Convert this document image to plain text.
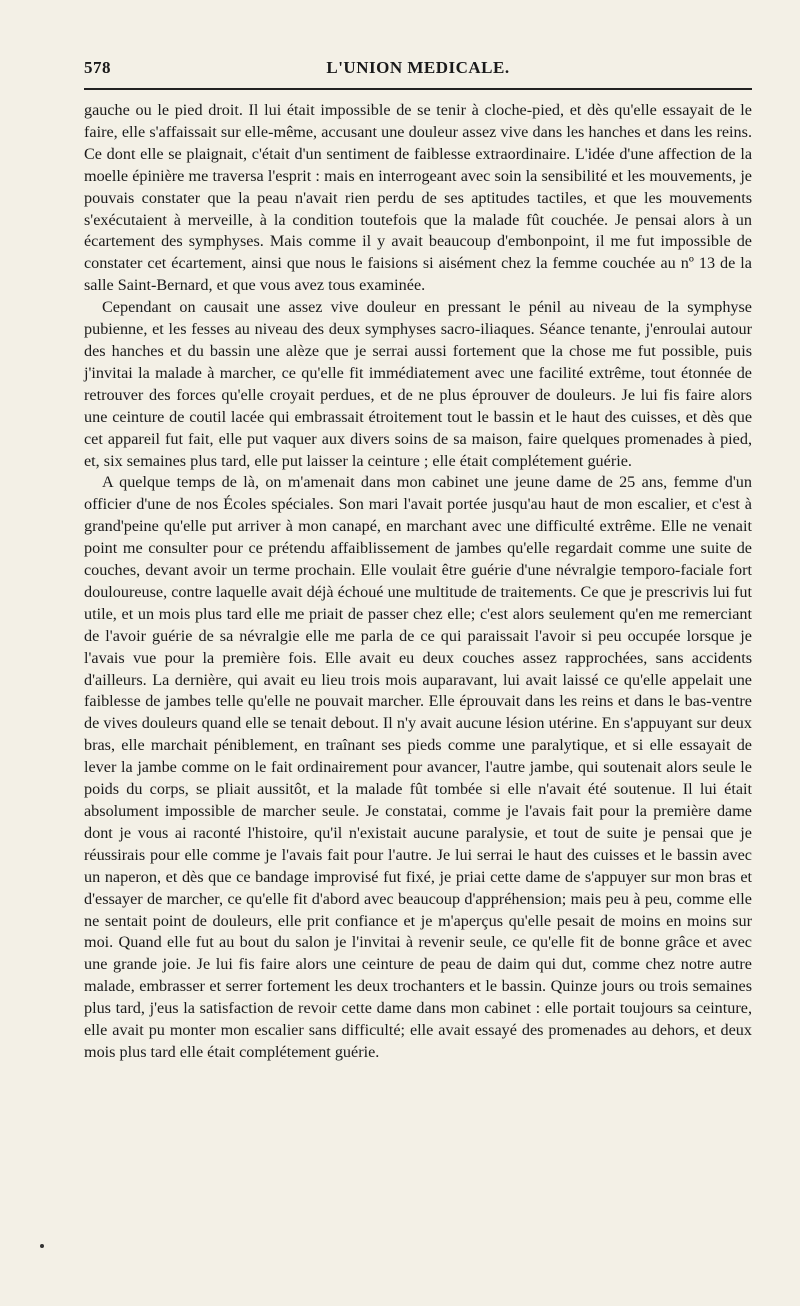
578	L'UNION MEDICALE.

gauche ou le pied droit. Il lui était impossible de se tenir à cloche-pied, et dès qu'elle essayait de le faire, elle s'affaissait sur elle-même, accusant une douleur assez vive dans les hanches et dans les reins. Ce dont elle se plaignait, c'était d'un sentiment de faiblesse extraordinaire. L'idée d'une affection de la moelle épinière me traversa l'esprit : mais en interrogeant avec soin la sensibilité et les mouvements, je pouvais constater que la peau n'avait rien perdu de ses aptitudes tactiles, et que les mouvements s'exécutaient à merveille, à la condition toutefois que la malade fût couchée. Je pensai alors à un écartement des symphyses. Mais comme il y avait beaucoup d'embonpoint, il me fut impossible de constater cet écartement, ainsi que nous le faisions si aisément chez la femme couchée au nº 13 de la salle Saint-Bernard, et que vous avez tous examinée.

Cependant on causait une assez vive douleur en pressant le pénil au niveau de la symphyse pubienne, et les fesses au niveau des deux symphyses sacro-iliaques. Séance tenante, j'enroulai autour des hanches et du bassin une alèze que je serrai aussi fortement que la chose me fut possible, puis j'invitai la malade à marcher, ce qu'elle fit immédiatement avec une facilité extrême, tout étonnée de retrouver des forces qu'elle croyait perdues, et de ne plus éprouver de douleurs. Je lui fis faire alors une ceinture de coutil lacée qui embrassait étroitement tout le bassin et le haut des cuisses, et dès que cet appareil fut fait, elle put vaquer aux divers soins de sa maison, faire quelques promenades à pied, et, six semaines plus tard, elle put laisser la ceinture ; elle était complétement guérie.

A quelque temps de là, on m'amenait dans mon cabinet une jeune dame de 25 ans, femme d'un officier d'une de nos Écoles spéciales. Son mari l'avait portée jusqu'au haut de mon escalier, et c'est à grand'peine qu'elle put arriver à mon canapé, en marchant avec une difficulté extrême. Elle ne venait point me consulter pour ce prétendu affaiblissement de jambes qu'elle regardait comme une suite de couches, devant avoir un terme prochain. Elle voulait être guérie d'une névralgie temporo-faciale fort douloureuse, contre laquelle avait déjà échoué une multitude de traitements. Ce que je prescrivis lui fut utile, et un mois plus tard elle me priait de passer chez elle; c'est alors seulement qu'en me remerciant de l'avoir guérie de sa névralgie elle me parla de ce qui paraissait l'avoir si peu occupée lorsque je l'avais vue pour la première fois. Elle avait eu deux couches assez rapprochées, sans accidents d'ailleurs. La dernière, qui avait eu lieu trois mois auparavant, lui avait laissé ce qu'elle appelait une faiblesse de jambes telle qu'elle ne pouvait marcher. Elle éprouvait dans les reins et dans le bas-ventre de vives douleurs quand elle se tenait debout. Il n'y avait aucune lésion utérine. En s'appuyant sur deux bras, elle marchait péniblement, en traînant ses pieds comme une paralytique, et si elle essayait de lever la jambe comme on le fait ordinairement pour avancer, l'autre jambe, qui soutenait alors seule le poids du corps, se pliait aussitôt, et la malade fût tombée si elle n'avait été soutenue. Il lui était absolument impossible de marcher seule. Je constatai, comme je l'avais fait pour la première dame dont je vous ai raconté l'histoire, qu'il n'existait aucune paralysie, et tout de suite je pensai que je réussirais pour elle comme je l'avais fait pour l'autre. Je lui serrai le haut des cuisses et le bassin avec un naperon, et dès que ce bandage improvisé fut fixé, je priai cette dame de s'appuyer sur mon bras et d'essayer de marcher, ce qu'elle fit d'abord avec beaucoup d'appréhension; mais peu à peu, comme elle ne sentait point de douleurs, elle prit confiance et je m'aperçus qu'elle pesait de moins en moins sur moi. Quand elle fut au bout du salon je l'invitai à revenir seule, ce qu'elle fit de bonne grâce et avec une grande joie. Je lui fis faire alors une ceinture de peau de daim qui dut, comme chez notre autre malade, embrasser et serrer fortement les deux trochanters et le bassin. Quinze jours ou trois semaines plus tard, j'eus la satisfaction de revoir cette dame dans mon cabinet : elle portait toujours sa ceinture, elle avait pu monter mon escalier sans difficulté; elle avait essayé des promenades au dehors, et deux mois plus tard elle était complétement guérie.
